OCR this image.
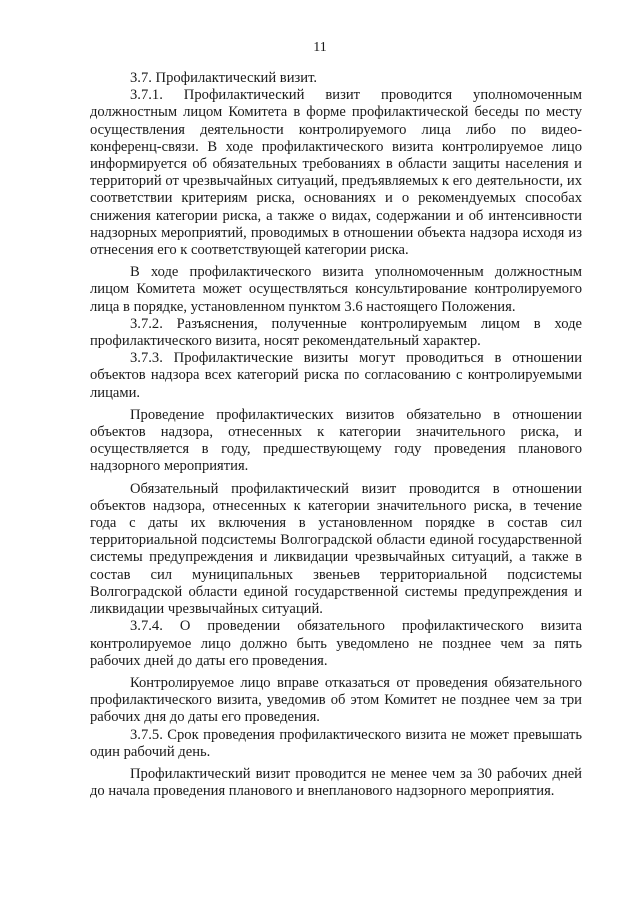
11

3.7. Профилактический визит.

3.7.1. Профилактический визит проводится уполномоченным должностным лицом Комитета в форме профилактической беседы по месту осуществления деятельности контролируемого лица либо по видео-конференц-связи. В ходе профилактического визита контролируемое лицо информируется об обязательных требованиях в области защиты населения и территорий от чрезвычайных ситуаций, предъявляемых к его деятельности, их соответствии критериям риска, основаниях и о рекомендуемых способах снижения категории риска, а также о видах, содержании и об интенсивности надзорных мероприятий, проводимых в отношении объекта надзора исходя из отнесения его к соответствующей категории риска.

В ходе профилактического визита уполномоченным должностным лицом Комитета может осуществляться консультирование контролируемого лица в порядке, установленном пунктом 3.6 настоящего Положения.

3.7.2. Разъяснения, полученные контролируемым лицом в ходе профилактического визита, носят рекомендательный характер.

3.7.3. Профилактические визиты могут проводиться в отношении объектов надзора всех категорий риска по согласованию с контролируемыми лицами.

Проведение профилактических визитов обязательно в отношении объектов надзора, отнесенных к категории значительного риска, и осуществляется в году, предшествующему году проведения планового надзорного мероприятия.

Обязательный профилактический визит проводится в отношении объектов надзора, отнесенных к категории значительного риска, в течение года с даты их включения в установленном порядке в состав сил территориальной подсистемы Волгоградской области единой государственной системы предупреждения и ликвидации чрезвычайных ситуаций, а также в состав сил муниципальных звеньев территориальной подсистемы Волгоградской области единой государственной системы предупреждения и ликвидации чрезвычайных ситуаций.

3.7.4. О проведении обязательного профилактического визита контролируемое лицо должно быть уведомлено не позднее чем за пять рабочих дней до даты его проведения.

Контролируемое лицо вправе отказаться от проведения обязательного профилактического визита, уведомив об этом Комитет не позднее чем за три рабочих дня до даты его проведения.

3.7.5. Срок проведения профилактического визита не может превышать один рабочий день.

Профилактический визит проводится не менее чем за 30 рабочих дней до начала проведения планового и внепланового надзорного мероприятия.
